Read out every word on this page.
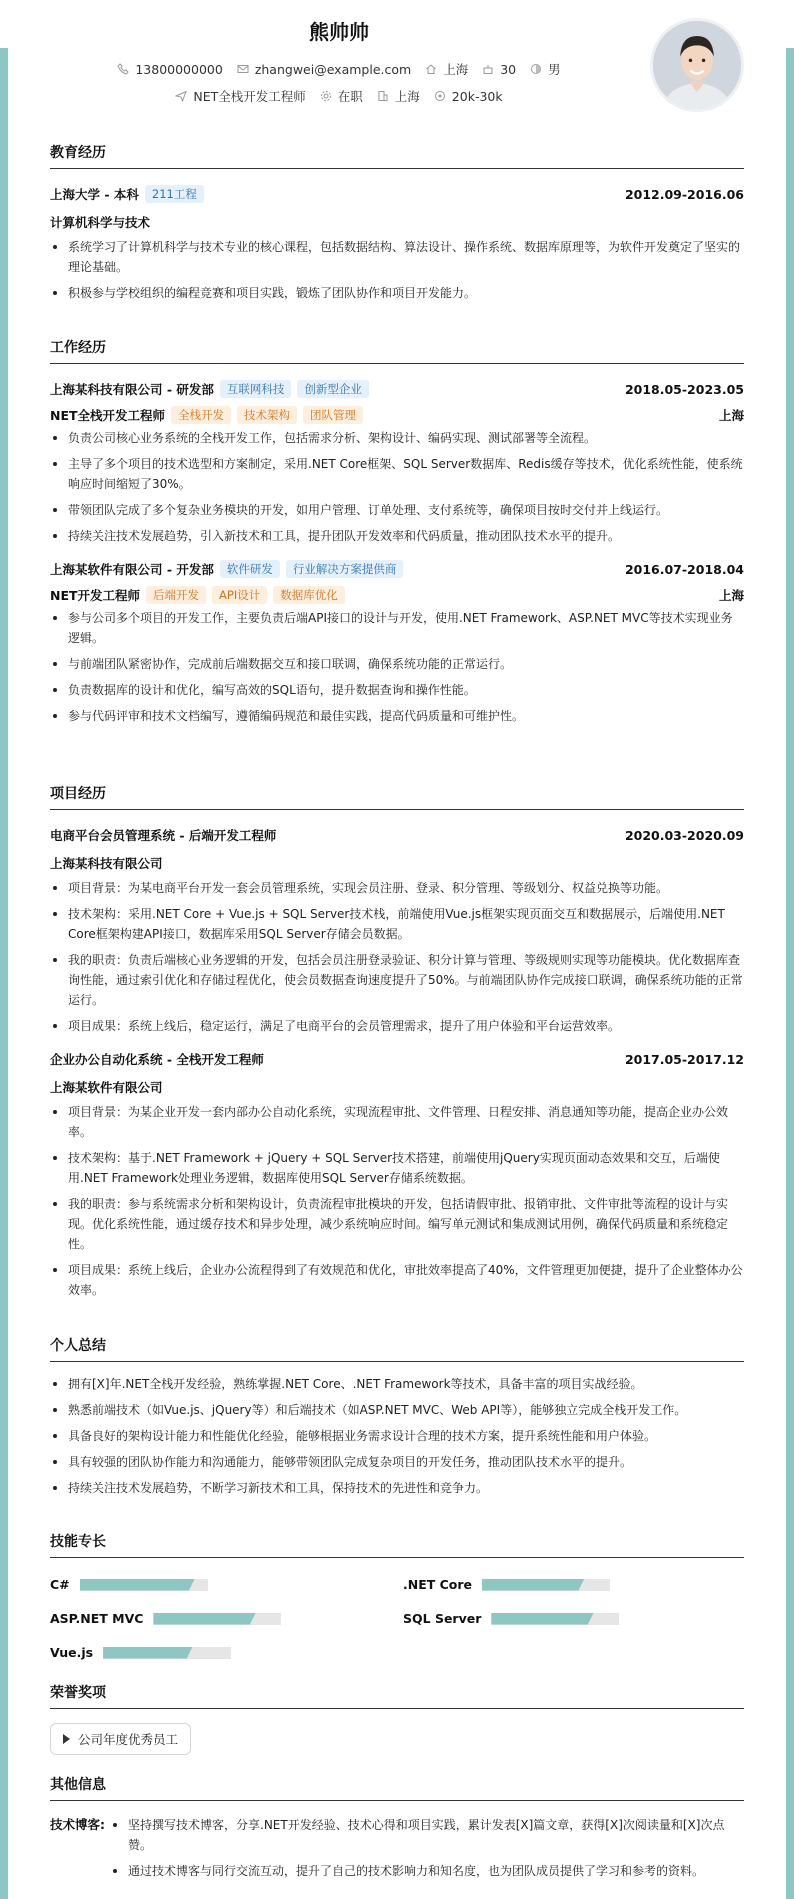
熊帅帅
13800000000	zhangwei@example.com	上海	30	男
NET全栈开发工程师	在职	上海	20k-30k
教育经历
上海大学 - 本科	211工程	2012.09-2016.06
计算机科学与技术
系统学习了计算机科学与技术专业的核心课程，包括数据结构、算法设计、操作系统、数据库原理等，为软件开发奠定了坚实的理论基础。
积极参与学校组织的编程竞赛和项目实践，锻炼了团队协作和项目开发能力。
工作经历
上海某科技有限公司 - 研发部	互联网科技	创新型企业	2018.05-2023.05
NET全栈开发工程师	全栈开发	技术架构	团队管理	上海
负责公司核心业务系统的全栈开发工作，包括需求分析、架构设计、编码实现、测试部署等全流程。
主导了多个项目的技术选型和方案制定，采用.NET Core框架、SQL Server数据库、Redis缓存等技术，优化系统性能，使系统响应时间缩短了30%。
带领团队完成了多个复杂业务模块的开发，如用户管理、订单处理、支付系统等，确保项目按时交付并上线运行。
持续关注技术发展趋势，引入新技术和工具，提升团队开发效率和代码质量，推动团队技术水平的提升。
上海某软件有限公司 - 开发部	软件研发	行业解决方案提供商	2016.07-2018.04
NET开发工程师	后端开发	API设计	数据库优化	上海
参与公司多个项目的开发工作，主要负责后端API接口的设计与开发，使用.NET Framework、ASP.NET MVC等技术实现业务逻辑。
与前端团队紧密协作，完成前后端数据交互和接口联调，确保系统功能的正常运行。
负责数据库的设计和优化，编写高效的SQL语句，提升数据查询和操作性能。
参与代码评审和技术文档编写，遵循编码规范和最佳实践，提高代码质量和可维护性。
项目经历
电商平台会员管理系统 - 后端开发工程师	2020.03-2020.09
上海某科技有限公司
项目背景：为某电商平台开发一套会员管理系统，实现会员注册、登录、积分管理、等级划分、权益兑换等功能。
技术架构：采用.NET Core + Vue.js + SQL Server技术栈，前端使用Vue.js框架实现页面交互和数据展示，后端使用.NET Core框架构建API接口，数据库采用SQL Server存储会员数据。
我的职责：负责后端核心业务逻辑的开发，包括会员注册登录验证、积分计算与管理、等级规则实现等功能模块。优化数据库查询性能，通过索引优化和存储过程优化，使会员数据查询速度提升了50%。与前端团队协作完成接口联调，确保系统功能的正常运行。
项目成果：系统上线后，稳定运行，满足了电商平台的会员管理需求，提升了用户体验和平台运营效率。
企业办公自动化系统 - 全栈开发工程师	2017.05-2017.12
上海某软件有限公司
项目背景：为某企业开发一套内部办公自动化系统，实现流程审批、文件管理、日程安排、消息通知等功能，提高企业办公效率。
技术架构：基于.NET Framework + jQuery + SQL Server技术搭建，前端使用jQuery实现页面动态效果和交互，后端使用.NET Framework处理业务逻辑，数据库使用SQL Server存储系统数据。
我的职责：参与系统需求分析和架构设计，负责流程审批模块的开发，包括请假审批、报销审批、文件审批等流程的设计与实现。优化系统性能，通过缓存技术和异步处理，减少系统响应时间。编写单元测试和集成测试用例，确保代码质量和系统稳定性。
项目成果：系统上线后，企业办公流程得到了有效规范和优化，审批效率提高了40%，文件管理更加便捷，提升了企业整体办公效率。
个人总结
拥有[X]年.NET全栈开发经验，熟练掌握.NET Core、.NET Framework等技术，具备丰富的项目实战经验。
熟悉前端技术（如Vue.js、jQuery等）和后端技术（如ASP.NET MVC、Web API等），能够独立完成全栈开发工作。
具备良好的架构设计能力和性能优化经验，能够根据业务需求设计合理的技术方案，提升系统性能和用户体验。
具有较强的团队协作能力和沟通能力，能够带领团队完成复杂项目的开发任务，推动团队技术水平的提升。
持续关注技术发展趋势，不断学习新技术和工具，保持技术的先进性和竞争力。
技能专长
C#	.NET Core
ASP.NET MVC	SQL Server
Vue.js
荣誉奖项
公司年度优秀员工
其他信息
技术博客:	坚持撰写技术博客，分享.NET开发经验、技术心得和项目实践，累计发表[X]篇文章，获得[X]次阅读量和[X]次点赞。
通过技术博客与同行交流互动，提升了自己的技术影响力和知名度，也为团队成员提供了学习和参考的资料。
